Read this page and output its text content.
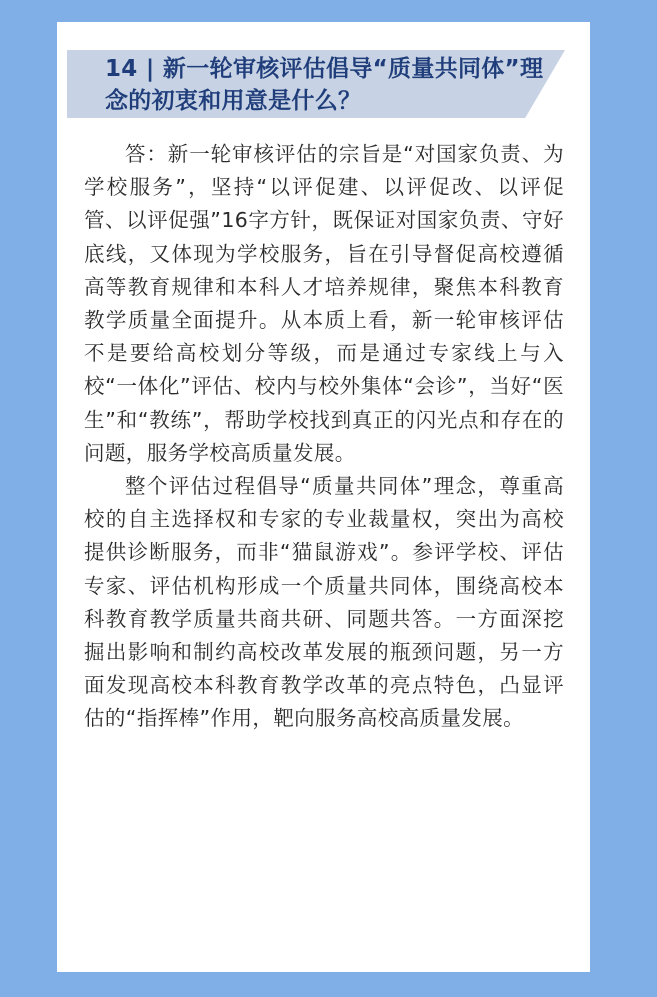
14 | 新一轮审核评估倡导“质量共同体”理念的初衷和用意是什么？

答：新一轮审核评估的宗旨是“对国家负责、为学校服务”，坚持“以评促建、以评促改、以评促管、以评促强”16字方针，既保证对国家负责、守好底线，又体现为学校服务，旨在引导督促高校遵循高等教育规律和本科人才培养规律，聚焦本科教育教学质量全面提升。从本质上看，新一轮审核评估不是要给高校划分等级，而是通过专家线上与入校“一体化”评估、校内与校外集体“会诊”，当好“医生”和“教练”，帮助学校找到真正的闪光点和存在的问题，服务学校高质量发展。

整个评估过程倡导“质量共同体”理念，尊重高校的自主选择权和专家的专业裁量权，突出为高校提供诊断服务，而非“猫鼠游戏”。参评学校、评估专家、评估机构形成一个质量共同体，围绕高校本科教育教学质量共商共研、同题共答。一方面深挖掘出影响和制约高校改革发展的瓶颈问题，另一方面发现高校本科教育教学改革的亮点特色，凸显评估的“指挥棒”作用，靶向服务高校高质量发展。
